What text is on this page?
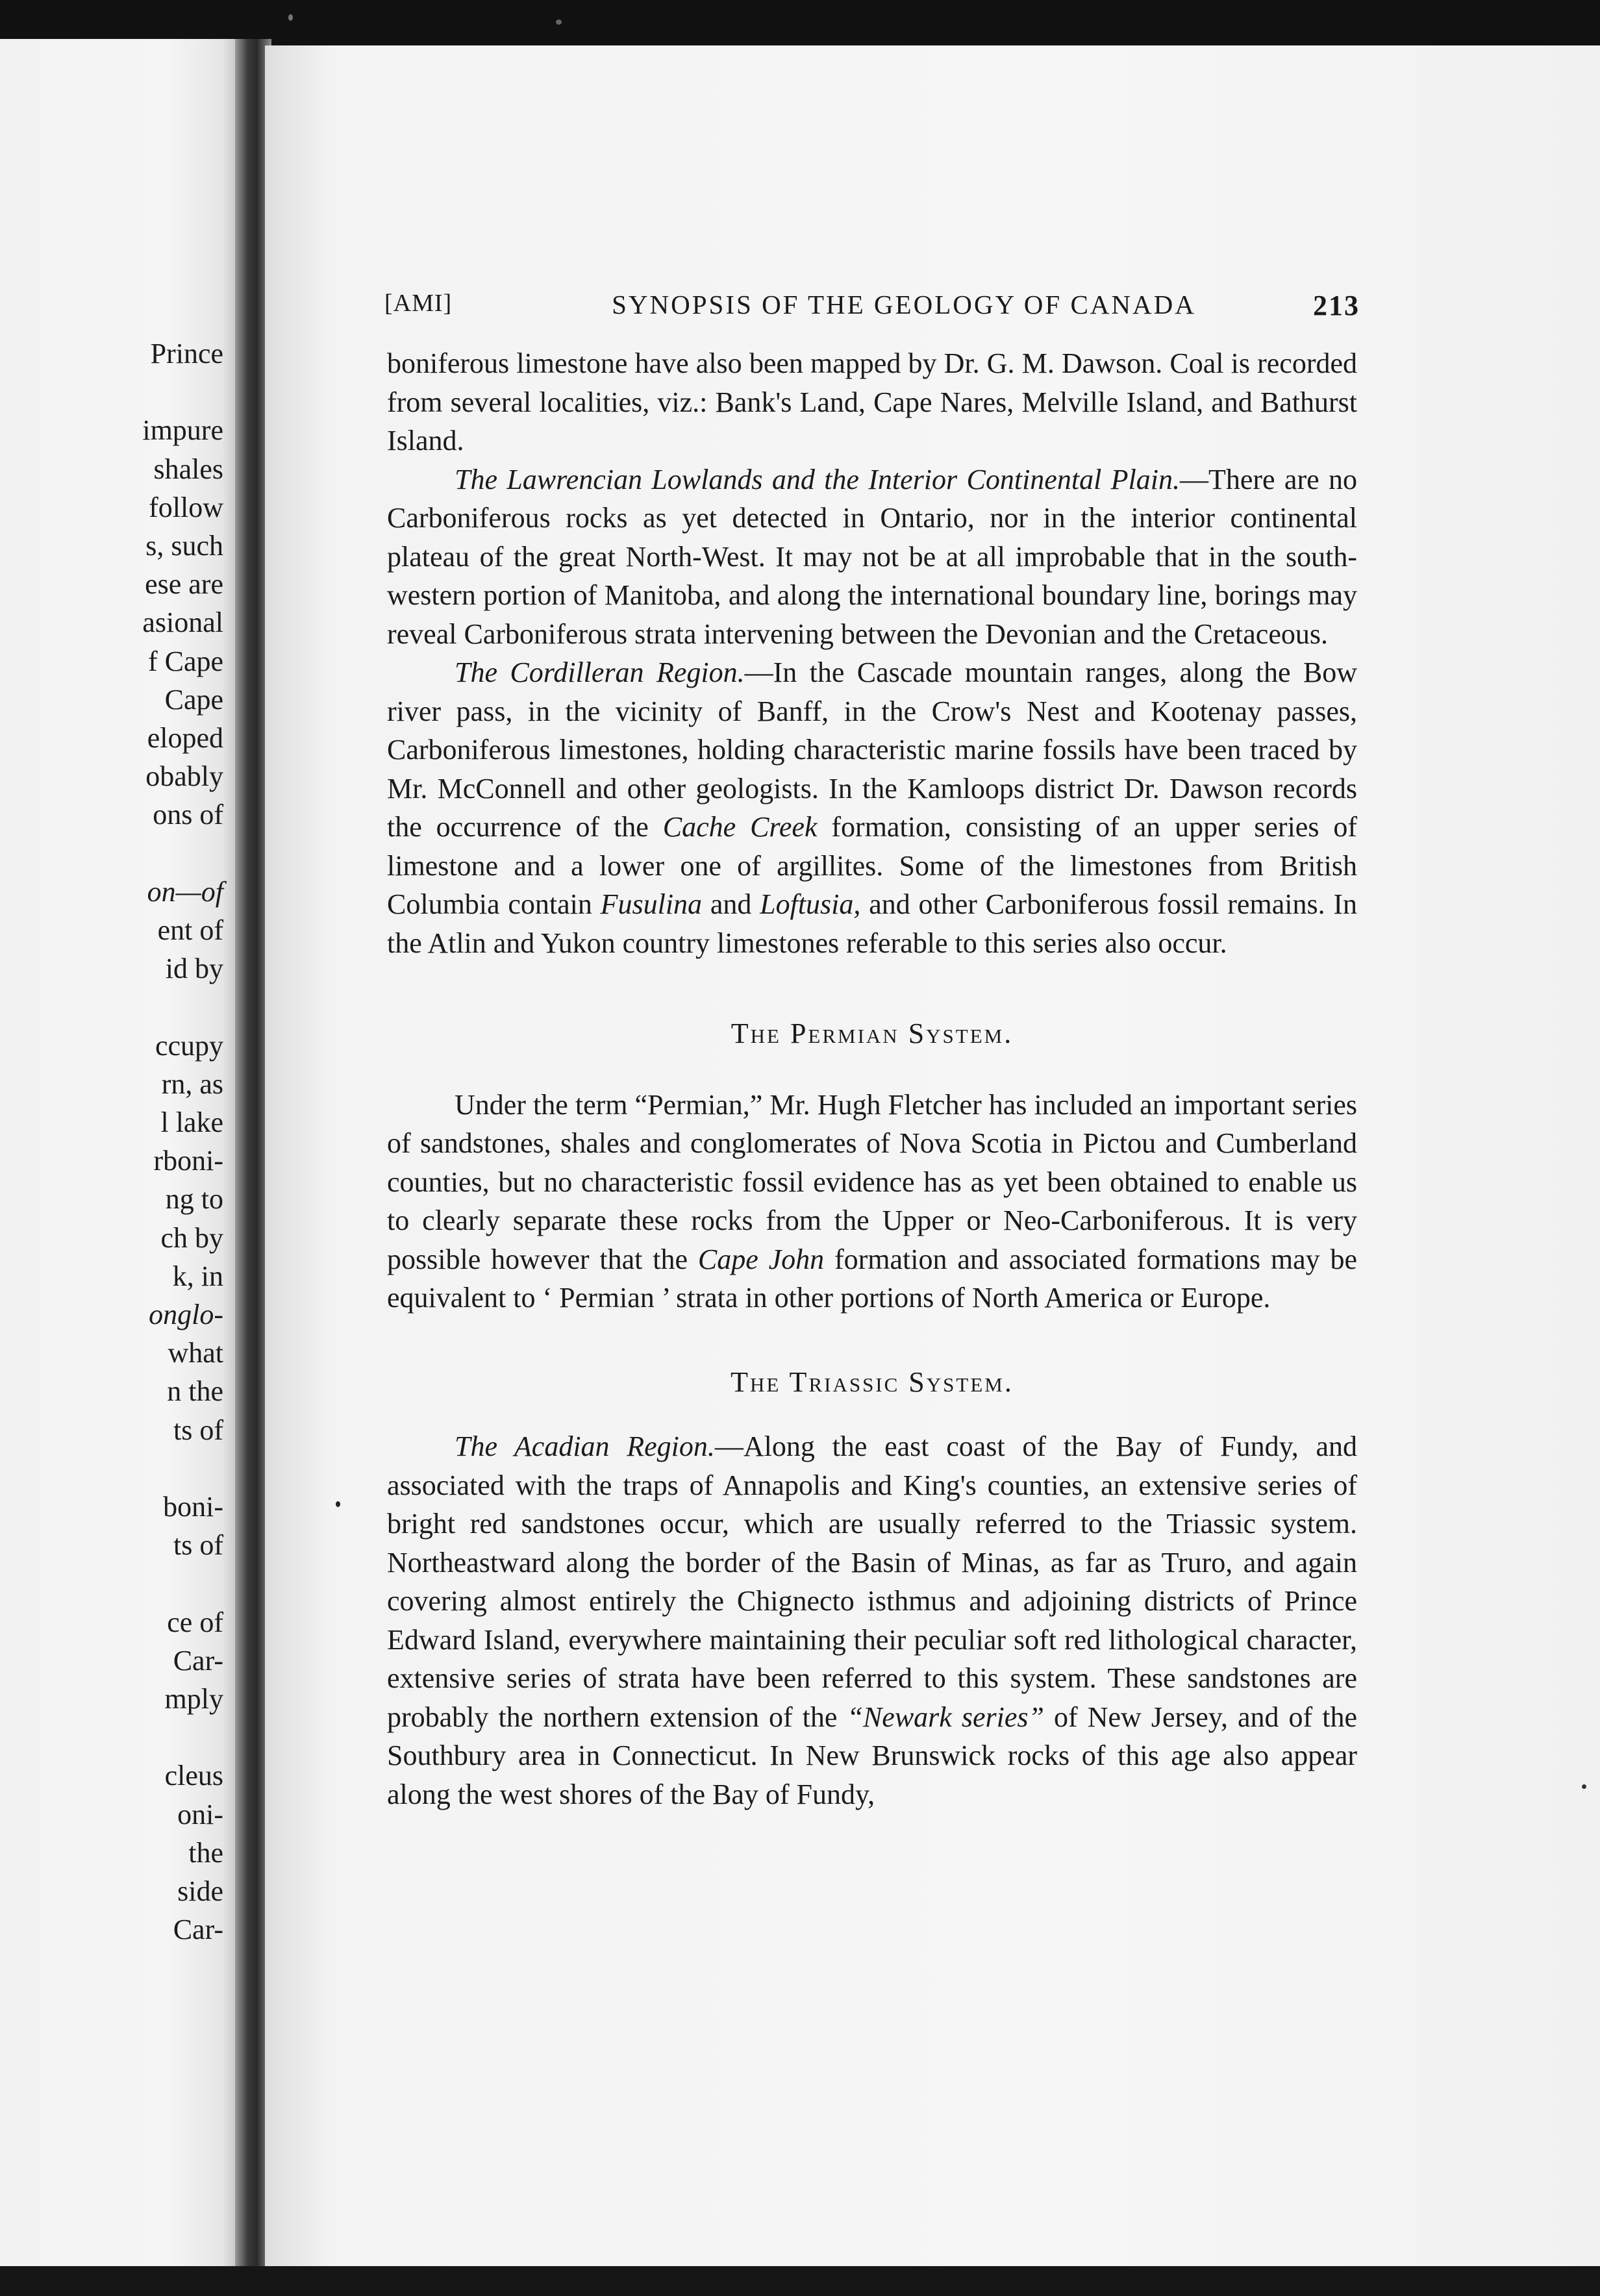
Prince
impure
shales
follow
s, such
ese are
asional
f Cape
Cape
eloped
obably
ons of
on—of
ent of
id by
ccupy
rn, as
l lake
rboni-
ng to
ch by
k, in
onglo-
what
n the
ts of
boni-
ts of
ce of
Car-
mply
cleus
oni-
the
side
Car-
[AMI]	SYNOPSIS OF THE GEOLOGY OF CANADA	213

boniferous limestone have also been mapped by Dr. G. M. Dawson. Coal is recorded from several localities, viz.: Bank's Land, Cape Nares, Melville Island, and Bathurst Island.

The Lawrencian Lowlands and the Interior Continental Plain.—There are no Carboniferous rocks as yet detected in Ontario, nor in the interior continental plateau of the great North-West. It may not be at all improbable that in the south-western portion of Manitoba, and along the international boundary line, borings may reveal Carboniferous strata intervening between the Devonian and the Cretaceous.

The Cordilleran Region.—In the Cascade mountain ranges, along the Bow river pass, in the vicinity of Banff, in the Crow's Nest and Kootenay passes, Carboniferous limestones, holding characteristic marine fossils have been traced by Mr. McConnell and other geologists. In the Kamloops district Dr. Dawson records the occurrence of the Cache Creek formation, consisting of an upper series of limestone and a lower one of argillites. Some of the limestones from British Columbia contain Fusulina and Loftusia, and other Carboniferous fossil remains. In the Atlin and Yukon country limestones referable to this series also occur.

The Permian System.

Under the term “Permian,” Mr. Hugh Fletcher has included an important series of sandstones, shales and conglomerates of Nova Scotia in Pictou and Cumberland counties, but no characteristic fossil evidence has as yet been obtained to enable us to clearly separate these rocks from the Upper or Neo-Carboniferous. It is very possible however that the Cape John formation and associated formations may be equivalent to ‘ Permian ’ strata in other portions of North America or Europe.

The Triassic System.

The Acadian Region.—Along the east coast of the Bay of Fundy, and associated with the traps of Annapolis and King's counties, an extensive series of bright red sandstones occur, which are usually referred to the Triassic system. Northeastward along the border of the Basin of Minas, as far as Truro, and again covering almost entirely the Chignecto isthmus and adjoining districts of Prince Edward Island, everywhere maintaining their peculiar soft red lithological character, extensive series of strata have been referred to this system. These sandstones are probably the northern extension of the “Newark series” of New Jersey, and of the Southbury area in Connecticut. In New Brunswick rocks of this age also appear along the west shores of the Bay of Fundy,
